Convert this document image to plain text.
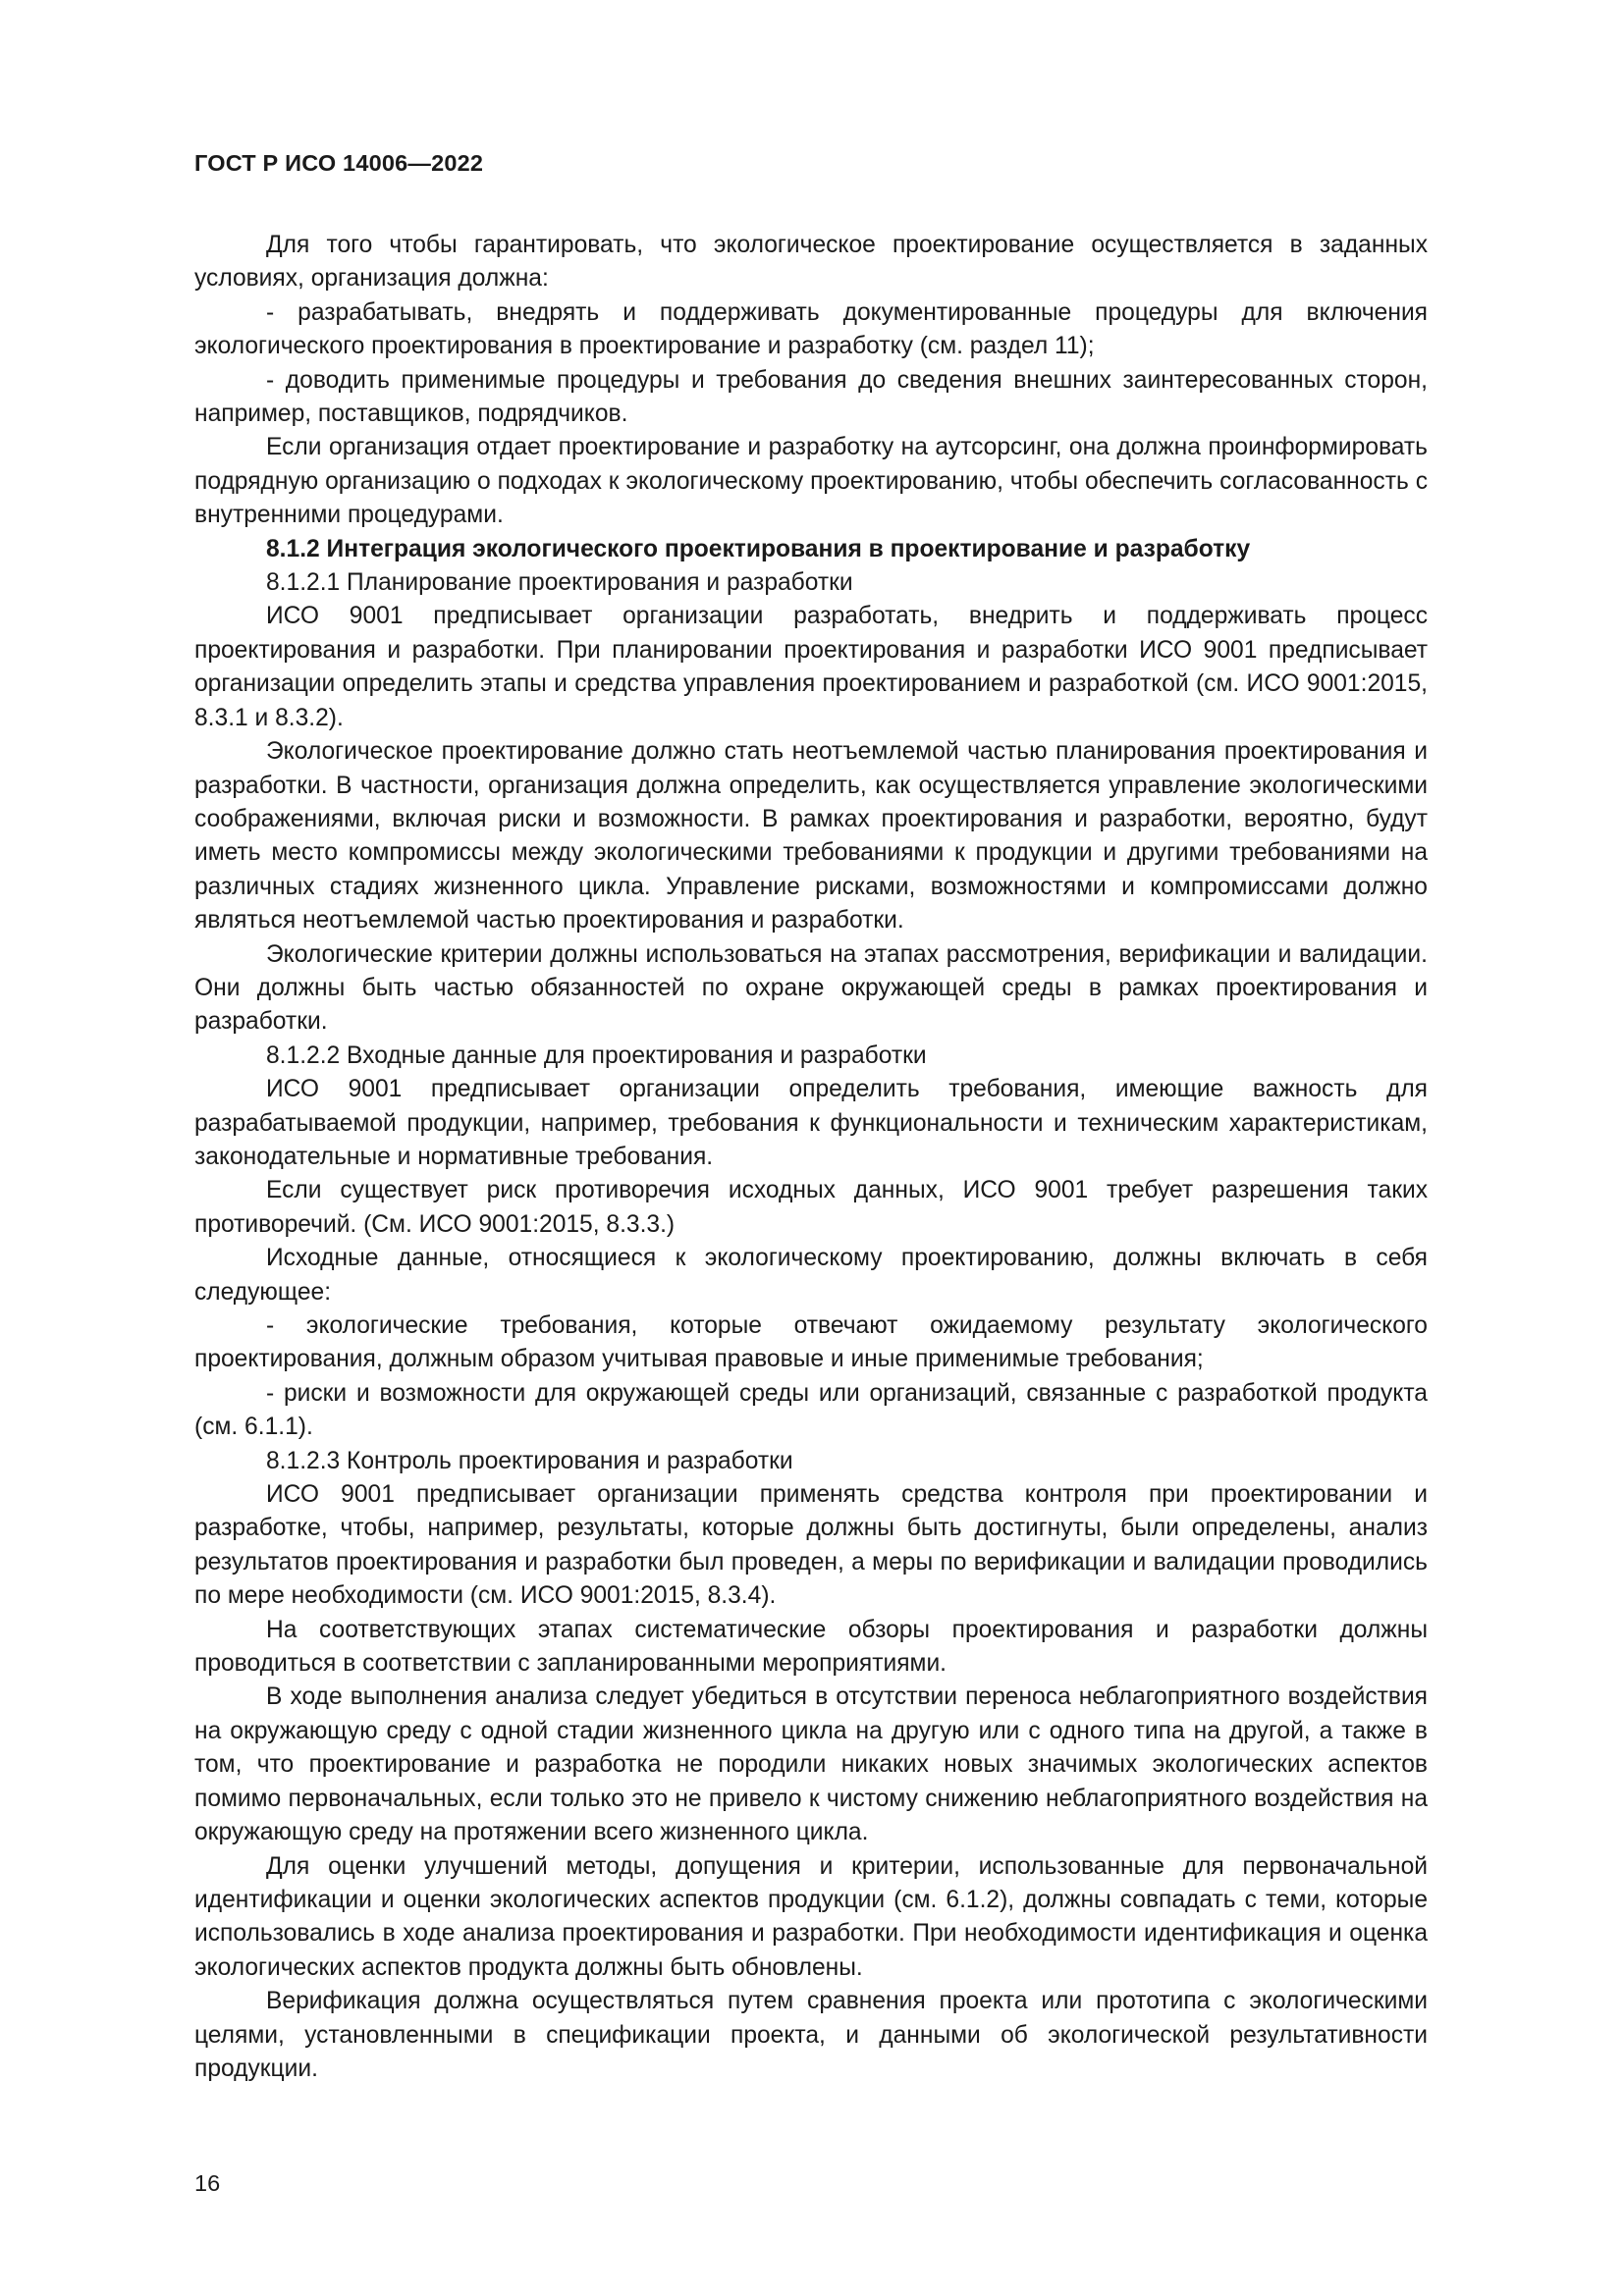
ГОСТ Р ИСО 14006—2022

Для того чтобы гарантировать, что экологическое проектирование осуществляется в заданных условиях, организация должна:

- разрабатывать, внедрять и поддерживать документированные процедуры для включения экологического проектирования в проектирование и разработку (см. раздел 11);

- доводить применимые процедуры и требования до сведения внешних заинтересованных сторон, например, поставщиков, подрядчиков.

Если организация отдает проектирование и разработку на аутсорсинг, она должна проинформировать подрядную организацию о подходах к экологическому проектированию, чтобы обеспечить согласованность с внутренними процедурами.

8.1.2 Интеграция экологического проектирования в проектирование и разработку

8.1.2.1 Планирование проектирования и разработки

ИСО 9001 предписывает организации разработать, внедрить и поддерживать процесс проектирования и разработки. При планировании проектирования и разработки ИСО 9001 предписывает организации определить этапы и средства управления проектированием и разработкой (см. ИСО 9001:2015, 8.3.1 и 8.3.2).

Экологическое проектирование должно стать неотъемлемой частью планирования проектирования и разработки. В частности, организация должна определить, как осуществляется управление экологическими соображениями, включая риски и возможности. В рамках проектирования и разработки, вероятно, будут иметь место компромиссы между экологическими требованиями к продукции и другими требованиями на различных стадиях жизненного цикла. Управление рисками, возможностями и компромиссами должно являться неотъемлемой частью проектирования и разработки.

Экологические критерии должны использоваться на этапах рассмотрения, верификации и валидации. Они должны быть частью обязанностей по охране окружающей среды в рамках проектирования и разработки.

8.1.2.2 Входные данные для проектирования и разработки

ИСО 9001 предписывает организации определить требования, имеющие важность для разрабатываемой продукции, например, требования к функциональности и техническим характеристикам, законодательные и нормативные требования.

Если существует риск противоречия исходных данных, ИСО 9001 требует разрешения таких противоречий. (См. ИСО 9001:2015, 8.3.3.)

Исходные данные, относящиеся к экологическому проектированию, должны включать в себя следующее:

- экологические требования, которые отвечают ожидаемому результату экологического проектирования, должным образом учитывая правовые и иные применимые требования;

- риски и возможности для окружающей среды или организаций, связанные с разработкой продукта (см. 6.1.1).

8.1.2.3 Контроль проектирования и разработки

ИСО 9001 предписывает организации применять средства контроля при проектировании и разработке, чтобы, например, результаты, которые должны быть достигнуты, были определены, анализ результатов проектирования и разработки был проведен, а меры по верификации и валидации проводились по мере необходимости (см. ИСО 9001:2015, 8.3.4).

На соответствующих этапах систематические обзоры проектирования и разработки должны проводиться в соответствии с запланированными мероприятиями.

В ходе выполнения анализа следует убедиться в отсутствии переноса неблагоприятного воздействия на окружающую среду с одной стадии жизненного цикла на другую или с одного типа на другой, а также в том, что проектирование и разработка не породили никаких новых значимых экологических аспектов помимо первоначальных, если только это не привело к чистому снижению неблагоприятного воздействия на окружающую среду на протяжении всего жизненного цикла.

Для оценки улучшений методы, допущения и критерии, использованные для первоначальной идентификации и оценки экологических аспектов продукции (см. 6.1.2), должны совпадать с теми, которые использовались в ходе анализа проектирования и разработки. При необходимости идентификация и оценка экологических аспектов продукта должны быть обновлены.

Верификация должна осуществляться путем сравнения проекта или прототипа с экологическими целями, установленными в спецификации проекта, и данными об экологической результативности продукции.

16
